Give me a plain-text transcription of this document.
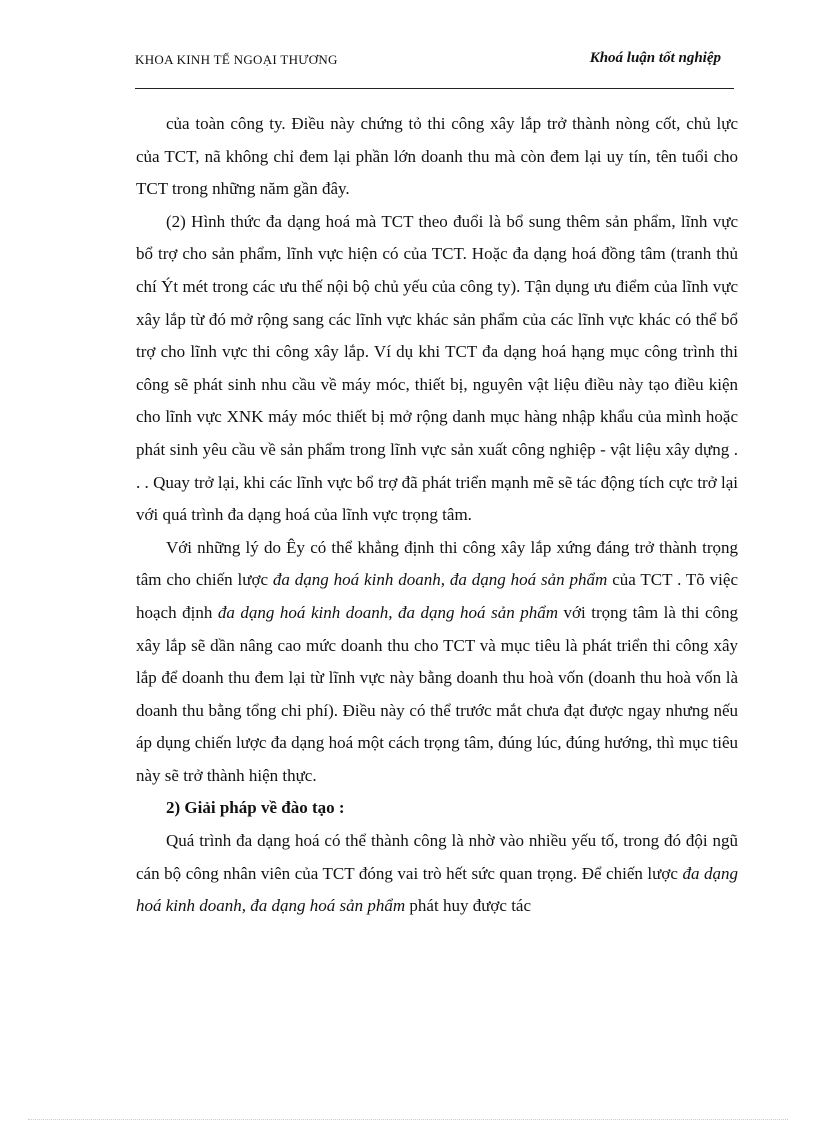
KHOA KINH TẾ NGOẠI THƯƠNG	Khoá luận tốt nghiệp

của toàn công ty. Điều này chứng tỏ thi công xây lắp trở thành nòng cốt, chủ lực của TCT, nã không chỉ đem lại phần lớn doanh thu mà còn đem lại uy tín, tên tuổi cho TCT trong những năm gần đây.

(2) Hình thức đa dạng hoá mà TCT theo đuổi là bổ sung thêm sản phẩm, lĩnh vực bổ trợ cho sản phẩm, lĩnh vực hiện có của TCT. Hoặc đa dạng hoá đồng tâm (tranh thủ chí Ýt mét trong các ưu thế nội bộ chủ yếu của công ty). Tận dụng ưu điểm của lĩnh vực xây lắp từ đó mở rộng sang các lĩnh vực khác sản phẩm của các lĩnh vực khác có thể bổ trợ cho lĩnh vực thi công xây lắp. Ví dụ khi TCT đa dạng hoá hạng mục công trình thi công sẽ phát sinh nhu cầu về máy móc, thiết bị, nguyên vật liệu điều này tạo điều kiện cho lĩnh vực XNK máy móc thiết bị mở rộng danh mục hàng nhập khẩu của mình hoặc phát sinh yêu cầu về sản phẩm trong lĩnh vực sản xuất công nghiệp - vật liệu xây dựng . . . Quay trở lại, khi các lĩnh vực bổ trợ đã phát triển mạnh mẽ sẽ tác động tích cực trở lại với quá trình đa dạng hoá của lĩnh vực trọng tâm.

Với những lý do Êy có thể khẳng định thi công xây lắp xứng đáng trở thành trọng tâm cho chiến lược đa dạng hoá kinh doanh, đa dạng hoá sản phẩm của TCT . Tõ việc hoạch định đa dạng hoá kinh doanh, đa dạng hoá sản phẩm với trọng tâm là thi công xây lắp sẽ dần nâng cao mức doanh thu cho TCT và mục tiêu là phát triển thi công xây lắp để doanh thu đem lại từ lĩnh vực này bằng doanh thu hoà vốn (doanh thu hoà vốn là doanh thu bằng tổng chi phí). Điều này có thể trước mắt chưa đạt được ngay nhưng nếu áp dụng chiến lược đa dạng hoá một cách trọng tâm, đúng lúc, đúng hướng, thì mục tiêu này sẽ trở thành hiện thực.

2) Giải pháp về đào tạo :

Quá trình đa dạng hoá có thể thành công là nhờ vào nhiều yếu tố, trong đó đội ngũ cán bộ công nhân viên của TCT đóng vai trò hết sức quan trọng. Để chiến lược đa dạng hoá kinh doanh, đa dạng hoá sản phẩm phát huy được tác
